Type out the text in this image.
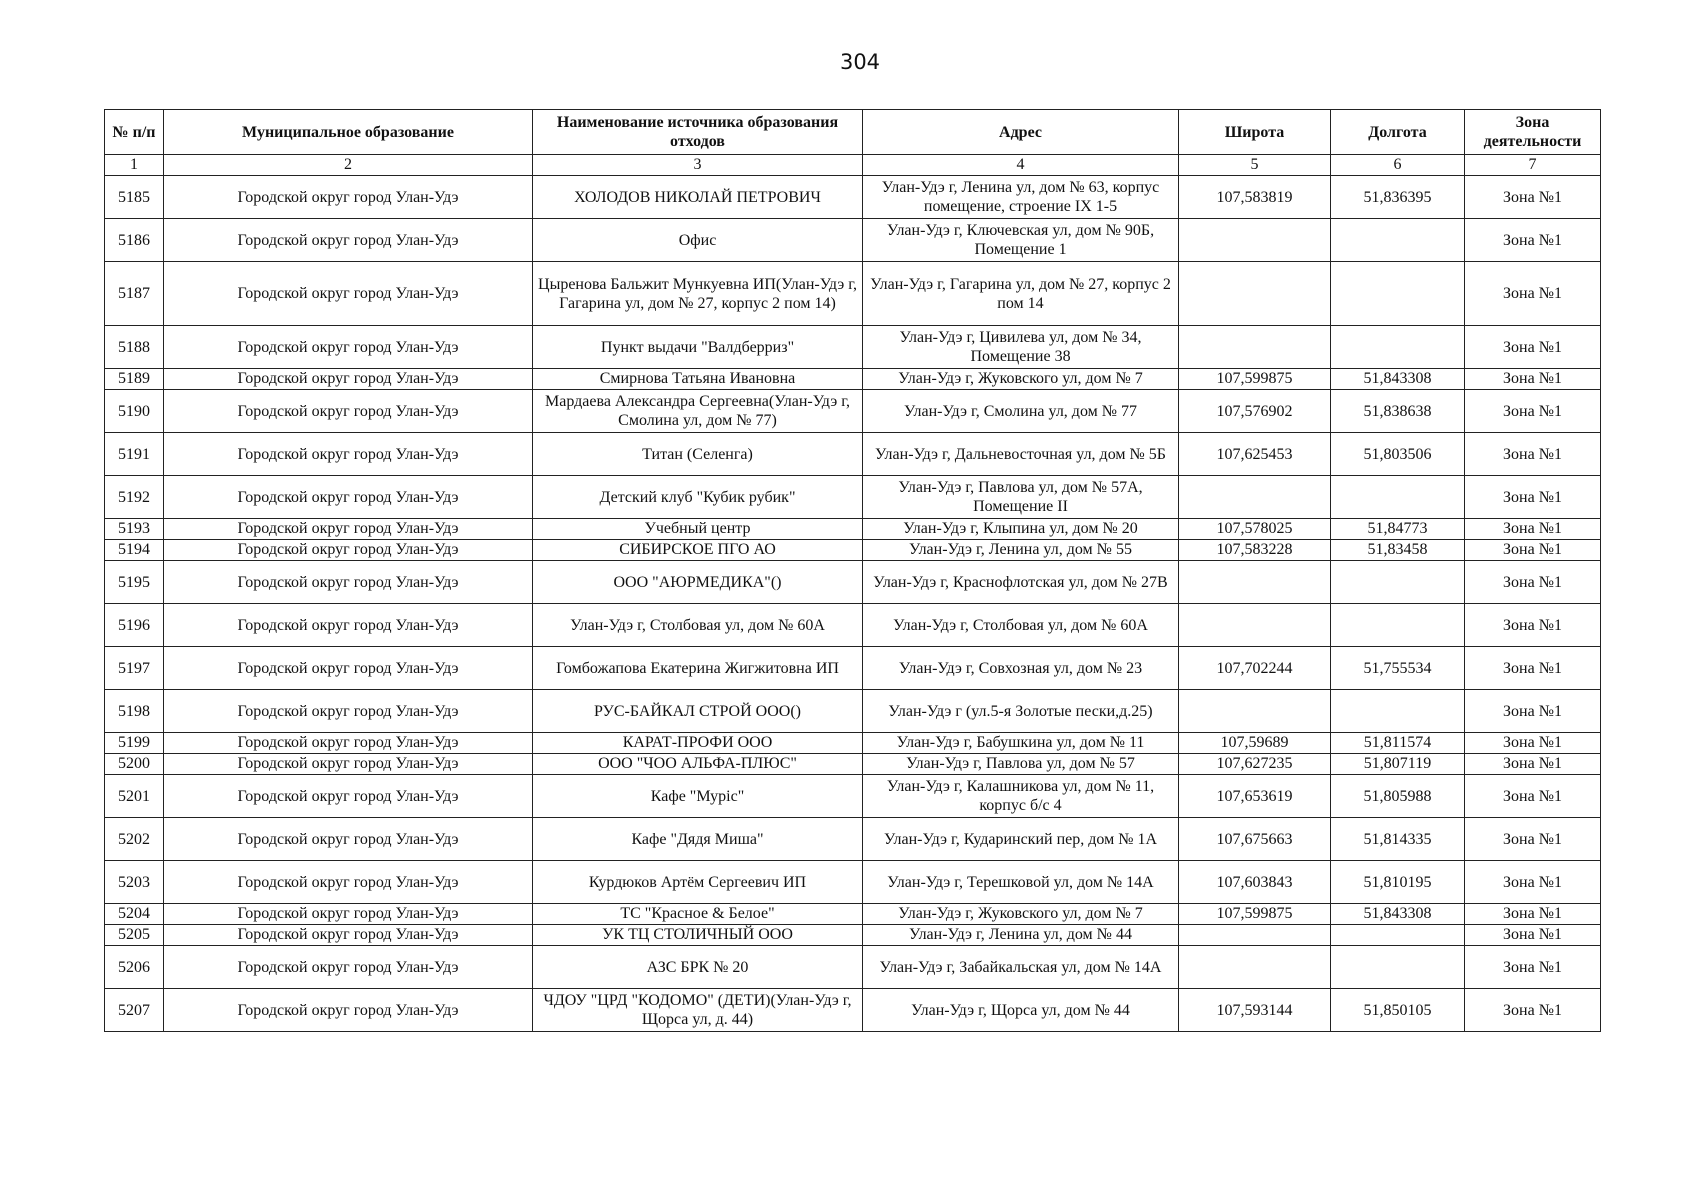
304
№ п/п	Муниципальное образование	Наименование источника образования отходов	Адрес	Широта	Долгота	Зона деятельности
1	2	3	4	5	6	7
5185	Городской округ город Улан-Удэ	ХОЛОДОВ НИКОЛАЙ ПЕТРОВИЧ	Улан-Удэ г, Ленина ул, дом № 63, корпус помещение, строение IX 1-5	107,583819	51,836395	Зона №1
5186	Городской округ город Улан-Удэ	Офис	Улан-Удэ г, Ключевская ул, дом № 90Б, Помещение 1			Зона №1
5187	Городской округ город Улан-Удэ	Цыренова Бальжит Мункуевна ИП(Улан-Удэ г, Гагарина ул, дом № 27, корпус 2 пом 14)	Улан-Удэ г, Гагарина ул, дом № 27, корпус 2 пом 14			Зона №1
5188	Городской округ город Улан-Удэ	Пункт выдачи "Валдберриз"	Улан-Удэ г, Цивилева ул, дом № 34, Помещение 38			Зона №1
5189	Городской округ город Улан-Удэ	Смирнова Татьяна Ивановна	Улан-Удэ г, Жуковского ул, дом № 7	107,599875	51,843308	Зона №1
5190	Городской округ город Улан-Удэ	Мардаева Александра Сергеевна(Улан-Удэ г, Смолина ул, дом № 77)	Улан-Удэ г, Смолина ул, дом № 77	107,576902	51,838638	Зона №1
5191	Городской округ город Улан-Удэ	Титан (Селенга)	Улан-Удэ г, Дальневосточная ул, дом № 5Б	107,625453	51,803506	Зона №1
5192	Городской округ город Улан-Удэ	Детский клуб "Кубик рубик"	Улан-Удэ г, Павлова ул, дом № 57А, Помещение II			Зона №1
5193	Городской округ город Улан-Удэ	Учебный центр	Улан-Удэ г, Клыпина ул, дом № 20	107,578025	51,84773	Зона №1
5194	Городской округ город Улан-Удэ	СИБИРСКОЕ ПГО АО	Улан-Удэ г, Ленина ул, дом № 55	107,583228	51,83458	Зона №1
5195	Городской округ город Улан-Удэ	ООО "АЮРМЕДИКА"()	Улан-Удэ г, Краснофлотская ул, дом № 27В			Зона №1
5196	Городской округ город Улан-Удэ	Улан-Удэ г, Столбовая ул, дом № 60А	Улан-Удэ г, Столбовая ул, дом № 60А			Зона №1
5197	Городской округ город Улан-Удэ	Гомбожапова Екатерина Жигжитовна ИП	Улан-Удэ г, Совхозная ул, дом № 23	107,702244	51,755534	Зона №1
5198	Городской округ город Улан-Удэ	РУС-БАЙКАЛ СТРОЙ ООО()	Улан-Удэ г (ул.5-я Золотые пески,д.25)			Зона №1
5199	Городской округ город Улан-Удэ	КАРАТ-ПРОФИ ООО	Улан-Удэ г, Бабушкина ул, дом № 11	107,59689	51,811574	Зона №1
5200	Городской округ город Улан-Удэ	ООО "ЧОО АЛЬФА-ПЛЮС"	Улан-Удэ г, Павлова ул, дом № 57	107,627235	51,807119	Зона №1
5201	Городской округ город Улан-Удэ	Кафе "Мурiс"	Улан-Удэ г, Калашникова ул, дом № 11, корпус б/с 4	107,653619	51,805988	Зона №1
5202	Городской округ город Улан-Удэ	Кафе "Дядя Миша"	Улан-Удэ г, Кударинский пер, дом № 1А	107,675663	51,814335	Зона №1
5203	Городской округ город Улан-Удэ	Курдюков Артём Сергеевич ИП	Улан-Удэ г, Терешковой ул, дом № 14А	107,603843	51,810195	Зона №1
5204	Городской округ город Улан-Удэ	ТС "Красное & Белое"	Улан-Удэ г, Жуковского ул, дом № 7	107,599875	51,843308	Зона №1
5205	Городской округ город Улан-Удэ	УК ТЦ СТОЛИЧНЫЙ ООО	Улан-Удэ г, Ленина ул, дом № 44			Зона №1
5206	Городской округ город Улан-Удэ	АЗС БРК № 20	Улан-Удэ г, Забайкальская ул, дом № 14А			Зона №1
5207	Городской округ город Улан-Удэ	ЧДОУ "ЦРД "КОДОМО" (ДЕТИ)(Улан-Удэ г, Щорса ул, д. 44)	Улан-Удэ г, Щорса ул, дом № 44	107,593144	51,850105	Зона №1
